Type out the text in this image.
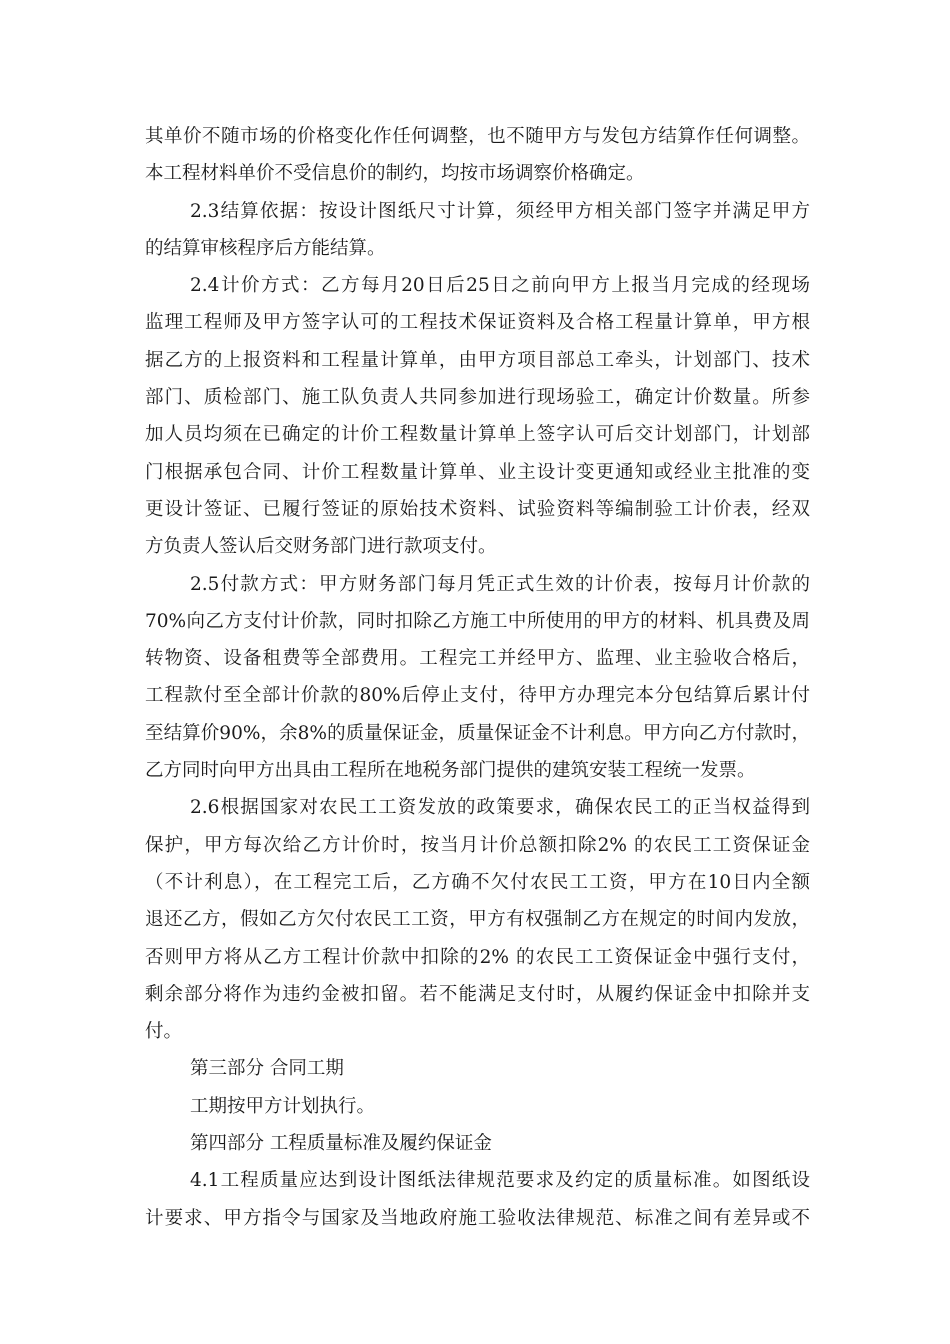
其单价不随市场的价格变化作任何调整，也不随甲方与发包方结算作任何调整。
本工程材料单价不受信息价的制约，均按市场调察价格确定。
2.3结算依据：按设计图纸尺寸计算，须经甲方相关部门签字并满足甲方
的结算审核程序后方能结算。
2.4计价方式：乙方每月20日后25日之前向甲方上报当月完成的经现场
监理工程师及甲方签字认可的工程技术保证资料及合格工程量计算单，甲方根
据乙方的上报资料和工程量计算单，由甲方项目部总工牵头，计划部门、技术
部门、质检部门、施工队负责人共同参加进行现场验工，确定计价数量。所参
加人员均须在已确定的计价工程数量计算单上签字认可后交计划部门，计划部
门根据承包合同、计价工程数量计算单、业主设计变更通知或经业主批准的变
更设计签证、已履行签证的原始技术资料、试验资料等编制验工计价表，经双
方负责人签认后交财务部门进行款项支付。
2.5付款方式：甲方财务部门每月凭正式生效的计价表，按每月计价款的
70%向乙方支付计价款，同时扣除乙方施工中所使用的甲方的材料、机具费及周
转物资、设备租费等全部费用。工程完工并经甲方、监理、业主验收合格后，
工程款付至全部计价款的80%后停止支付，待甲方办理完本分包结算后累计付
至结算价90%，余8%的质量保证金，质量保证金不计利息。甲方向乙方付款时，
乙方同时向甲方出具由工程所在地税务部门提供的建筑安装工程统一发票。
2.6根据国家对农民工工资发放的政策要求，确保农民工的正当权益得到
保护，甲方每次给乙方计价时，按当月计价总额扣除2% 的农民工工资保证金
（不计利息），在工程完工后，乙方确不欠付农民工工资，甲方在10日内全额
退还乙方，假如乙方欠付农民工工资，甲方有权强制乙方在规定的时间内发放，
否则甲方将从乙方工程计价款中扣除的2% 的农民工工资保证金中强行支付，
剩余部分将作为违约金被扣留。若不能满足支付时，从履约保证金中扣除并支
付。
第三部分 合同工期
工期按甲方计划执行。
第四部分 工程质量标准及履约保证金
4.1工程质量应达到设计图纸法律规范要求及约定的质量标准。如图纸设
计要求、甲方指令与国家及当地政府施工验收法律规范、标准之间有差异或不
